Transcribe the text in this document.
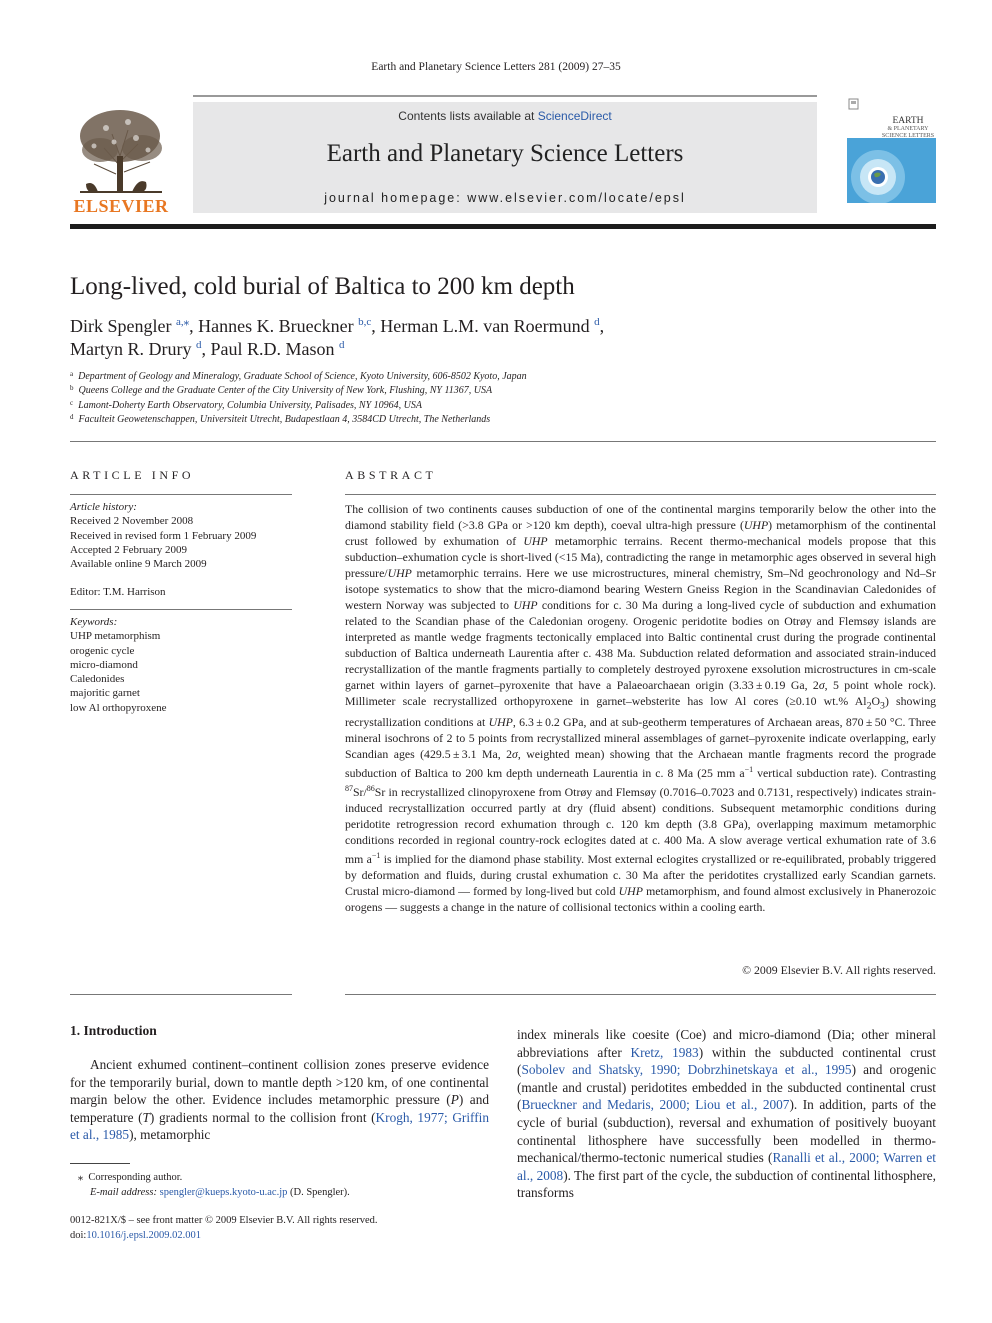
Earth and Planetary Science Letters 281 (2009) 27–35
ELSEVIER
Contents lists available at ScienceDirect
Earth and Planetary Science Letters
journal homepage: www.elsevier.com/locate/epsl
EARTH
& PLANETARY
SCIENCE LETTERS
Long-lived, cold burial of Baltica to 200 km depth
Dirk Spengler $^{a,⁎}$, Hannes K. Brueckner $^{b,c}$, Herman L.M. van Roermund $^d$,
Martyn R. Drury $^d$, Paul R.D. Mason $^d$
$^a$ Department of Geology and Mineralogy, Graduate School of Science, Kyoto University, 606-8502 Kyoto, Japan
$^b$ Queens College and the Graduate Center of the City University of New York, Flushing, NY 11367, USA
$^c$ Lamont-Doherty Earth Observatory, Columbia University, Palisades, NY 10964, USA
$^d$ Faculteit Geowetenschappen, Universiteit Utrecht, Budapestlaan 4, 3584CD Utrecht, The Netherlands
ARTICLE INFO
Article history:
Received 2 November 2008
Received in revised form 1 February 2009
Accepted 2 February 2009
Available online 9 March 2009
Editor: T.M. Harrison
Keywords:
UHP metamorphism
orogenic cycle
micro-diamond
Caledonides
majoritic garnet
low Al orthopyroxene
ABSTRACT
The collision of two continents causes subduction of one of the continental margins temporarily below the other into the diamond stability field (>3.8 GPa or >120 km depth), coeval ultra-high pressure (UHP) metamorphism of the continental crust followed by exhumation of UHP metamorphic terrains. Recent thermo-mechanical models propose that this subduction–exhumation cycle is short-lived (<15 Ma), contradicting the range in metamorphic ages observed in several high pressure/UHP metamorphic terrains. Here we use microstructures, mineral chemistry, Sm–Nd geochronology and Nd–Sr isotope systematics to show that the micro-diamond bearing Western Gneiss Region in the Scandinavian Caledonides of western Norway was subjected to UHP conditions for c. 30 Ma during a long-lived cycle of subduction and exhumation related to the Scandian phase of the Caledonian orogeny. Orogenic peridotite bodies on Otrøy and Flemsøy islands are interpreted as mantle wedge fragments tectonically emplaced into Baltic continental crust during the prograde continental subduction of Baltica underneath Laurentia after c. 438 Ma. Subduction related deformation and associated strain-induced recrystallization of the mantle fragments partially to completely destroyed pyroxene exsolution microstructures in cm-scale garnet within layers of garnet–pyroxenite that have a Palaeoarchaean origin (3.33 ± 0.19 Ga, 2σ, 5 point whole rock). Millimeter scale recrystallized orthopyroxene in garnet–websterite has low Al cores (≥0.10 wt.% $Al_2O_3$) showing recrystallization conditions at UHP, 6.3 ± 0.2 GPa, and at sub-geotherm temperatures of Archaean areas, 870 ± 50 °C. Three mineral isochrons of 2 to 5 points from recrystallized mineral assemblages of garnet–pyroxenite indicate overlapping, early Scandian ages (429.5 ± 3.1 Ma, 2σ, weighted mean) showing that the Archaean mantle fragments record the prograde subduction of Baltica to 200 km depth underneath Laurentia in c. 8 Ma (25 mm $a^{-1}$ vertical subduction rate). Contrasting $^{87}$Sr/$^{86}$Sr in recrystallized clinopyroxene from Otrøy and Flemsøy (0.7016–0.7023 and 0.7131, respectively) indicates strain-induced recrystallization occurred partly at dry (fluid absent) conditions. Subsequent metamorphic conditions during peridotite retrogression record exhumation through c. 120 km depth (3.8 GPa), overlapping maximum metamorphic conditions recorded in regional country-rock eclogites dated at c. 400 Ma. A slow average vertical exhumation rate of 3.6 mm $a^{-1}$ is implied for the diamond phase stability. Most external eclogites crystallized or re-equilibrated, probably triggered by deformation and fluids, during crustal exhumation c. 30 Ma after the peridotites crystallized early Scandian garnets. Crustal micro-diamond — formed by long-lived but cold UHP metamorphism, and found almost exclusively in Phanerozoic orogens — suggests a change in the nature of collisional tectonics within a cooling earth.
© 2009 Elsevier B.V. All rights reserved.
1. Introduction
Ancient exhumed continent–continent collision zones preserve evidence for the temporarily burial, down to mantle depth >120 km, of one continental margin below the other. Evidence includes metamorphic pressure (P) and temperature (T) gradients normal to the collision front (Krogh, 1977; Griffin et al., 1985), metamorphic
index minerals like coesite (Coe) and micro-diamond (Dia; other mineral abbreviations after Kretz, 1983) within the subducted continental crust (Sobolev and Shatsky, 1990; Dobrzhinetskaya et al., 1995) and orogenic (mantle and crustal) peridotites embedded in the subducted continental crust (Brueckner and Medaris, 2000; Liou et al., 2007). In addition, parts of the cycle of burial (subduction), reversal and exhumation of positively buoyant continental lithosphere have successfully been modelled in thermo-mechanical/thermo-tectonic numerical studies (Ranalli et al., 2000; Warren et al., 2008). The first part of the cycle, the subduction of continental lithosphere, transforms
⁎ Corresponding author.
E-mail address: spengler@kueps.kyoto-u.ac.jp (D. Spengler).
0012-821X/$ – see front matter © 2009 Elsevier B.V. All rights reserved.
doi:10.1016/j.epsl.2009.02.001
